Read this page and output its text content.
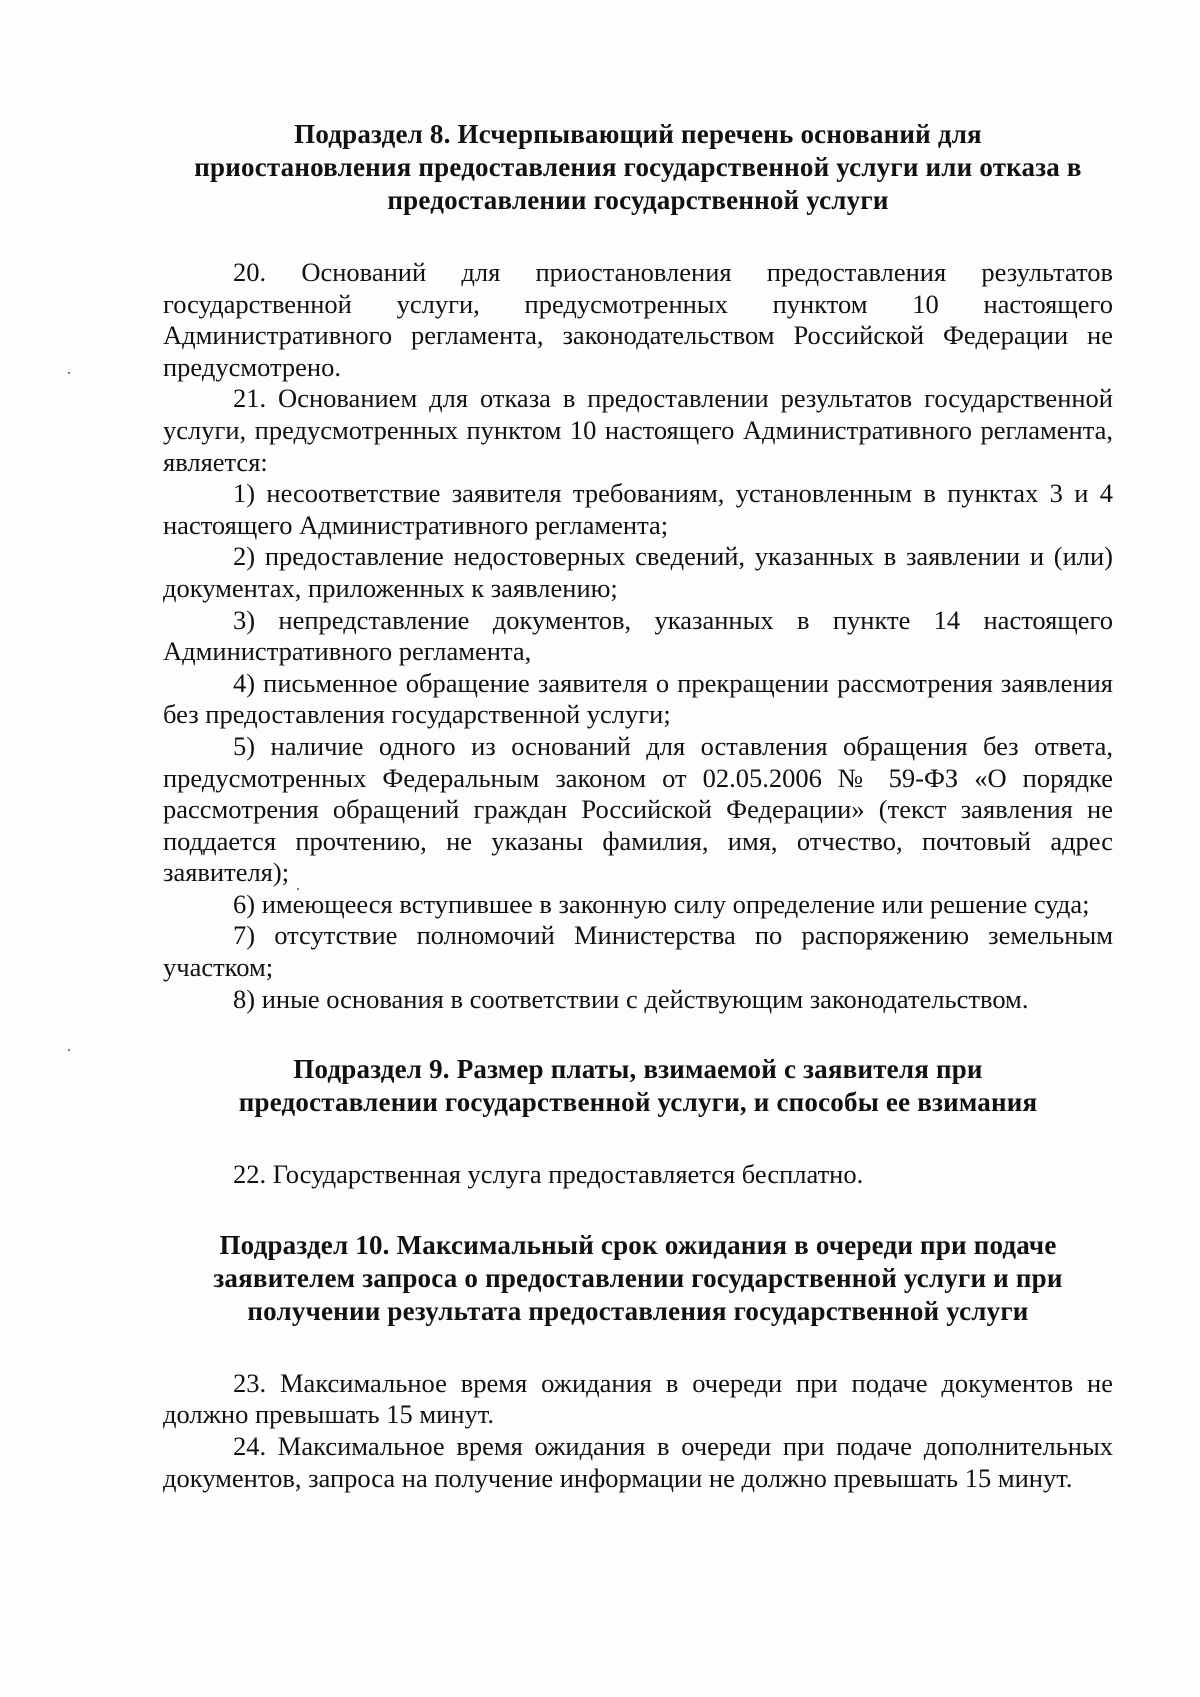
Подраздел 8. Исчерпывающий перечень оснований для
приостановления предоставления государственной услуги или отказа в
предоставлении государственной услуги

20. Оснований для приостановления предоставления результатов государственной услуги, предусмотренных пунктом 10 настоящего Административного регламента, законодательством Российской Федерации не предусмотрено.

21. Основанием для отказа в предоставлении результатов государственной услуги, предусмотренных пунктом 10 настоящего Административного регламента, является:

1) несоответствие заявителя требованиям, установленным в пунктах 3 и 4 настоящего Административного регламента;

2) предоставление недостоверных сведений, указанных в заявлении и (или) документах, приложенных к заявлению;

3) непредставление документов, указанных в пункте 14 настоящего Административного регламента,

4) письменное обращение заявителя о прекращении рассмотрения заявления без предоставления государственной услуги;

5) наличие одного из оснований для оставления обращения без ответа, предусмотренных Федеральным законом от 02.05.2006 № 59-ФЗ «О порядке рассмотрения обращений граждан Российской Федерации» (текст заявления не поддается прочтению, не указаны фамилия, имя, отчество, почтовый адрес заявителя);

6) имеющееся вступившее в законную силу определение или решение суда;

7) отсутствие полномочий Министерства по распоряжению земельным участком;

8) иные основания в соответствии с действующим законодательством.

Подраздел 9. Размер платы, взимаемой с заявителя при
предоставлении государственной услуги, и способы ее взимания

22. Государственная услуга предоставляется бесплатно.

Подраздел 10. Максимальный срок ожидания в очереди при подаче
заявителем запроса о предоставлении государственной услуги и при
получении результата предоставления государственной услуги

23. Максимальное время ожидания в очереди при подаче документов не должно превышать 15 минут.

24. Максимальное время ожидания в очереди при подаче дополнительных документов, запроса на получение информации не должно превышать 15 минут.
